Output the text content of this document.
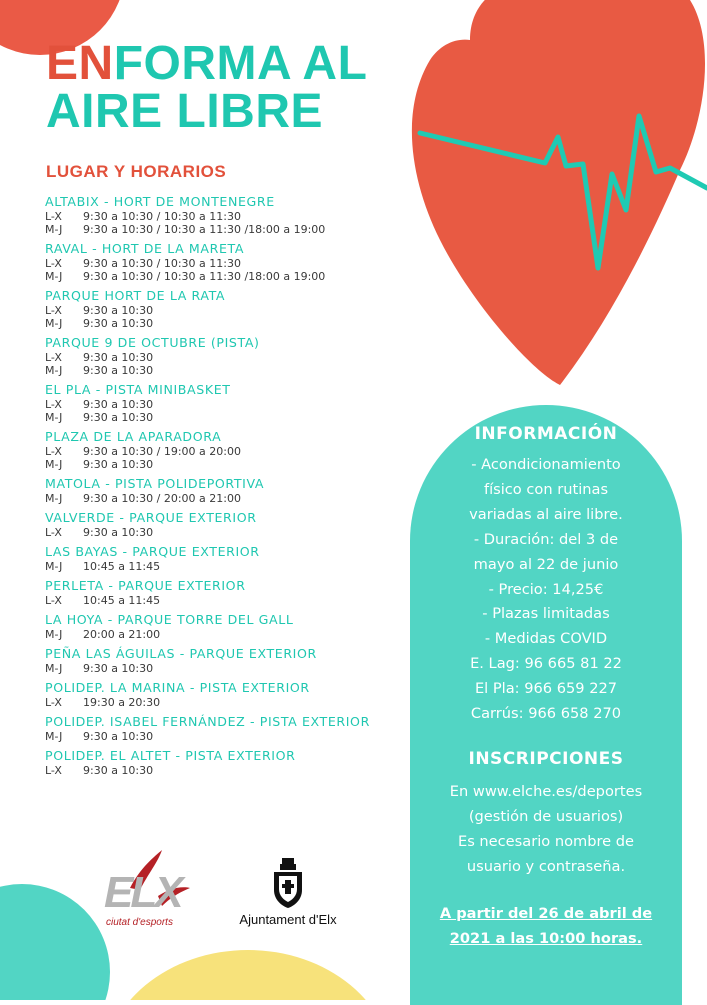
ENFORMA AL
AIRE LIBRE
LUGAR Y HORARIOS
ALTABIX - HORT DE MONTENEGRE
L-X 9:30 a 10:30 / 10:30 a 11:30
M-J 9:30 a 10:30 / 10:30 a 11:30 /18:00 a 19:00
RAVAL - HORT DE LA MARETA
L-X 9:30 a 10:30 / 10:30 a 11:30
M-J 9:30 a 10:30 / 10:30 a 11:30 /18:00 a 19:00
PARQUE HORT DE LA RATA
L-X 9:30 a 10:30
M-J 9:30 a 10:30
PARQUE 9 DE OCTUBRE (PISTA)
L-X 9:30 a 10:30
M-J 9:30 a 10:30
EL PLA - PISTA MINIBASKET
L-X 9:30 a 10:30
M-J 9:30 a 10:30
PLAZA DE LA APARADORA
L-X 9:30 a 10:30 / 19:00 a 20:00
M-J 9:30 a 10:30
MATOLA - PISTA POLIDEPORTIVA
M-J 9:30 a 10:30 / 20:00 a 21:00
VALVERDE - PARQUE EXTERIOR
L-X 9:30 a 10:30
LAS BAYAS - PARQUE EXTERIOR
M-J 10:45 a 11:45
PERLETA - PARQUE EXTERIOR
L-X 10:45 a 11:45
LA HOYA - PARQUE TORRE DEL GALL
M-J 20:00 a 21:00
PEÑA LAS ÁGUILAS - PARQUE EXTERIOR
M-J 9:30 a 10:30
POLIDEP. LA MARINA - PISTA EXTERIOR
L-X 19:30 a 20:30
POLIDEP. ISABEL FERNÁNDEZ - PISTA EXTERIOR
M-J 9:30 a 10:30
POLIDEP. EL ALTET - PISTA EXTERIOR
L-X 9:30 a 10:30
INFORMACIÓN
- Acondicionamiento
físico con rutinas
variadas al aire libre.
- Duración: del 3 de
mayo al 22 de junio
- Precio: 14,25€
- Plazas limitadas
- Medidas COVID
E. Lag: 96 665 81 22
El Pla: 966 659 227
Carrús: 966 658 270
INSCRIPCIONES
En www.elche.es/deportes
(gestión de usuarios)
Es necesario nombre de
usuario y contraseña.
A partir del 26 de abril de
2021 a las 10:00 horas.
ELX
ciutat d'esports	Ajuntament d'Elx
